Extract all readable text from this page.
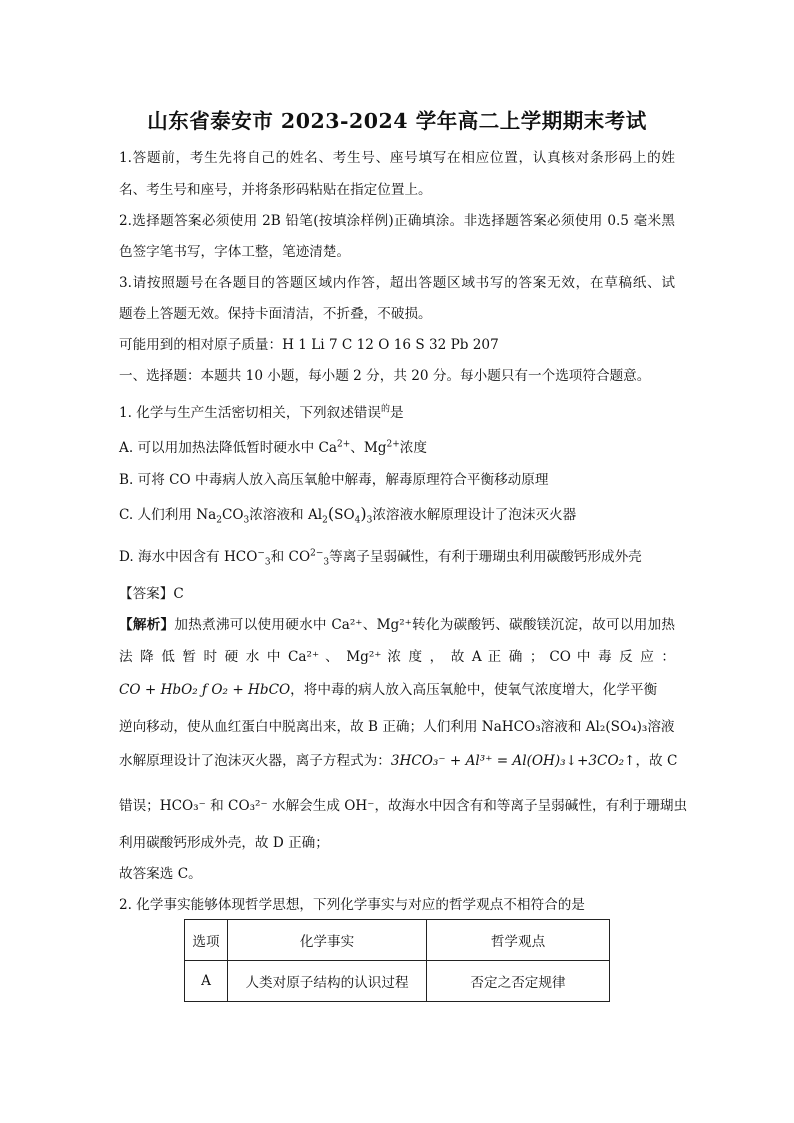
山东省泰安市 2023-2024 学年高二上学期期末考试
1.答题前，考生先将自己的姓名、考生号、座号填写在相应位置，认真核对条形码上的姓
名、考生号和座号，并将条形码粘贴在指定位置上。
2.选择题答案必须使用 2B 铅笔(按填涂样例)正确填涂。非选择题答案必须使用 0.5 毫米黑
色签字笔书写，字体工整，笔迹清楚。
3.请按照题号在各题目的答题区域内作答，超出答题区域书写的答案无效，在草稿纸、试
题卷上答题无效。保持卡面清洁，不折叠，不破损。
可能用到的相对原子质量：H 1 Li 7 C 12 O 16 S 32 Pb 207
一、选择题：本题共 10 小题，每小题 2 分，共 20 分。每小题只有一个选项符合题意。
1. 化学与生产生活密切相关，下列叙述错误$^的$是
A. 可以用加热法降低暂时硬水中 $Ca^{2+}$、$Mg^{2+}$浓度
B. 可将 CO 中毒病人放入高压氧舱中解毒，解毒原理符合平衡移动原理
C. 人们利用 $Na_2CO_3$浓溶液和 $Al_2(SO_4)_3$浓溶液水解原理设计了泡沫灭火器
D. 海水中因含有 $HCO^-_3$和 $CO^{2-}_3$等离子呈弱碱性，有利于珊瑚虫利用碳酸钙形成外壳
【答案】C
【解析】加热煮沸可以使用硬水中 Ca²⁺、Mg²⁺转化为碳酸钙、碳酸镁沉淀，故可以用加热
法 降 低 暂 时 硬 水 中 Ca²⁺ 、 Mg²⁺ 浓 度 ， 故 A 正 确 ； CO 中 毒 反 应 ：
CO + HbO₂ ƒ O₂ + HbCO，将中毒的病人放入高压氧舱中，使氧气浓度增大，化学平衡
逆向移动，使从血红蛋白中脱离出来，故 B 正确；人们利用 NaHCO₃溶液和 Al₂(SO₄)₃溶液
水解原理设计了泡沫灭火器，离子方程式为：3HCO₃⁻ + Al³⁺ = Al(OH)₃↓+3CO₂↑，故 C
错误；HCO₃⁻ 和 CO₃²⁻ 水解会生成 OH⁻，故海水中因含有和等离子呈弱碱性，有利于珊瑚虫
利用碳酸钙形成外壳，故 D 正确；
故答案选 C。
2. 化学事实能够体现哲学思想，下列化学事实与对应的哲学观点不相符合的是
选项	化学事实	哲学观点
A	人类对原子结构的认识过程	否定之否定规律
